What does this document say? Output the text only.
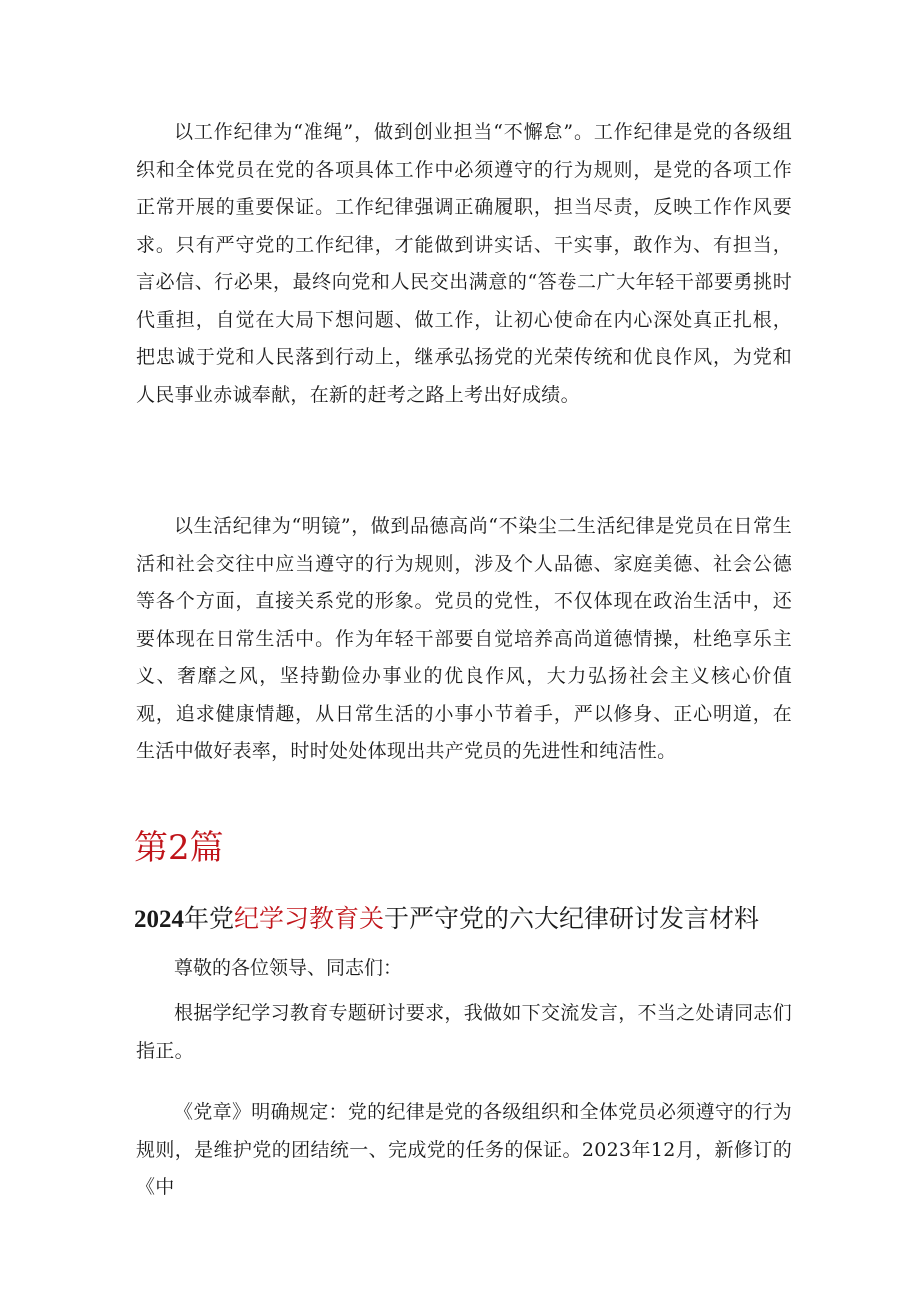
以工作纪律为“准绳”，做到创业担当“不懈怠”。工作纪律是党的各级组织和全体党员在党的各项具体工作中必须遵守的行为规则，是党的各项工作正常开展的重要保证。工作纪律强调正确履职，担当尽责，反映工作作风要求。只有严守党的工作纪律，才能做到讲实话、干实事，敢作为、有担当，言必信、行必果，最终向党和人民交出满意的“答卷二广大年轻干部要勇挑时代重担，自觉在大局下想问题、做工作，让初心使命在内心深处真正扎根，把忠诚于党和人民落到行动上，继承弘扬党的光荣传统和优良作风，为党和人民事业赤诚奉献，在新的赶考之路上考出好成绩。

以生活纪律为“明镜”，做到品德高尚“不染尘二生活纪律是党员在日常生活和社会交往中应当遵守的行为规则，涉及个人品德、家庭美德、社会公德等各个方面，直接关系党的形象。党员的党性，不仅体现在政治生活中，还要体现在日常生活中。作为年轻干部要自觉培养高尚道德情操，杜绝享乐主义、奢靡之风，坚持勤俭办事业的优良作风，大力弘扬社会主义核心价值观，追求健康情趣，从日常生活的小事小节着手，严以修身、正心明道，在生活中做好表率，时时处处体现出共产党员的先进性和纯洁性。

第2篇
2024年党纪学习教育关于严守党的六大纪律研讨发言材料

尊敬的各位领导、同志们：

根据学纪学习教育专题研讨要求，我做如下交流发言，不当之处请同志们指正。

《党章》明确规定：党的纪律是党的各级组织和全体党员必须遵守的行为规则，是维护党的团结统一、完成党的任务的保证。2023年12月，新修订的《中
